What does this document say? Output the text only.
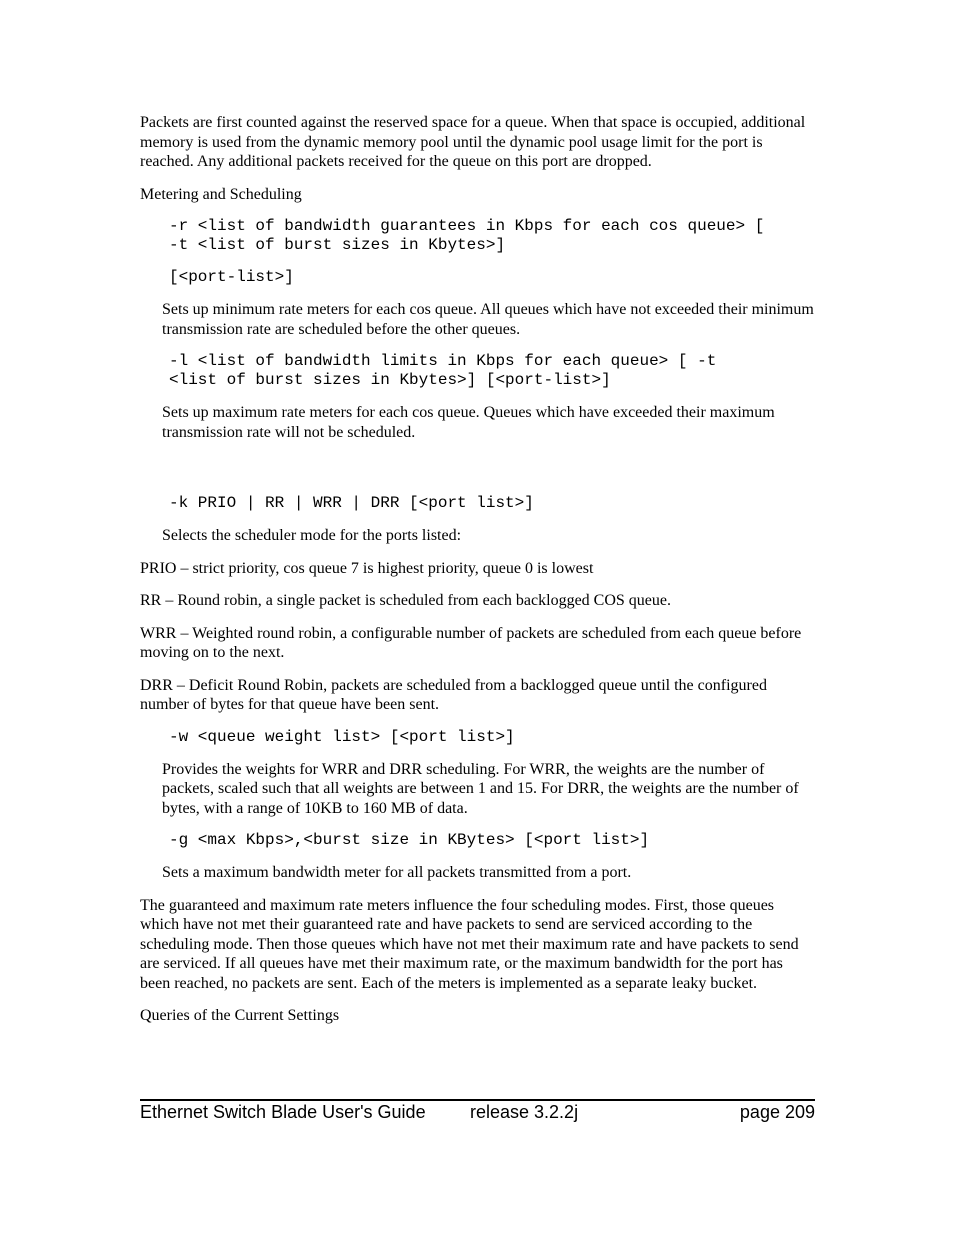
Packets are first counted against the reserved space for a queue. When that space is occupied, additional memory is used from the dynamic memory pool until the dynamic pool usage limit for the port is reached. Any additional packets received for the queue on this port are dropped.

Metering and Scheduling

-r <list of bandwidth guarantees in Kbps for each cos queue> [
-t <list of burst sizes in Kbytes>]
[<port-list>]

Sets up minimum rate meters for each cos queue. All queues which have not exceeded their minimum transmission rate are scheduled before the other queues.

-l <list of bandwidth limits in Kbps for each queue> [ -t
<list of burst sizes in Kbytes>] [<port-list>]

Sets up maximum rate meters for each cos queue. Queues which have exceeded their maximum transmission rate will not be scheduled.

-k PRIO | RR | WRR | DRR [<port list>]

Selects the scheduler mode for the ports listed:

PRIO – strict priority, cos queue 7 is highest priority, queue 0 is lowest

RR – Round robin, a single packet is scheduled from each backlogged COS queue.

WRR – Weighted round robin, a configurable number of packets are scheduled from each queue before moving on to the next.

DRR – Deficit Round Robin, packets are scheduled from a backlogged queue until the configured number of bytes for that queue have been sent.

-w <queue weight list> [<port list>]

Provides the weights for WRR and DRR scheduling. For WRR, the weights are the number of packets, scaled such that all weights are between 1 and 15. For DRR, the weights are the number of bytes, with a range of 10KB to 160 MB of data.

-g <max Kbps>,<burst size in KBytes> [<port list>]

Sets a maximum bandwidth meter for all packets transmitted from a port.

The guaranteed and maximum rate meters influence the four scheduling modes. First, those queues which have not met their guaranteed rate and have packets to send are serviced according to the scheduling mode. Then those queues which have not met their maximum rate and have packets to send are serviced. If all queues have met their maximum rate, or the maximum bandwidth for the port has been reached, no packets are sent. Each of the meters is implemented as a separate leaky bucket.

Queries of the Current Settings

Ethernet Switch Blade User's Guide release 3.2.2j	page 209
